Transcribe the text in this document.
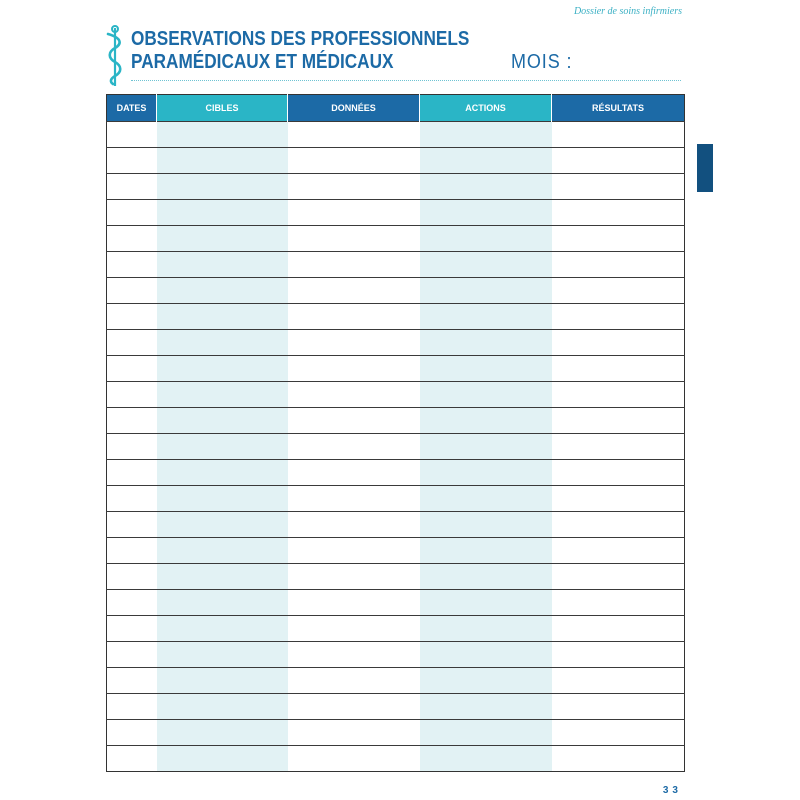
Dossier de soins infirmiers
OBSERVATIONS DES PROFESSIONNELS
PARAMÉDICAUX ET MÉDICAUX	MOIS :
DATES	CIBLES	DONNÉES	ACTIONS	RÉSULTATS

33
